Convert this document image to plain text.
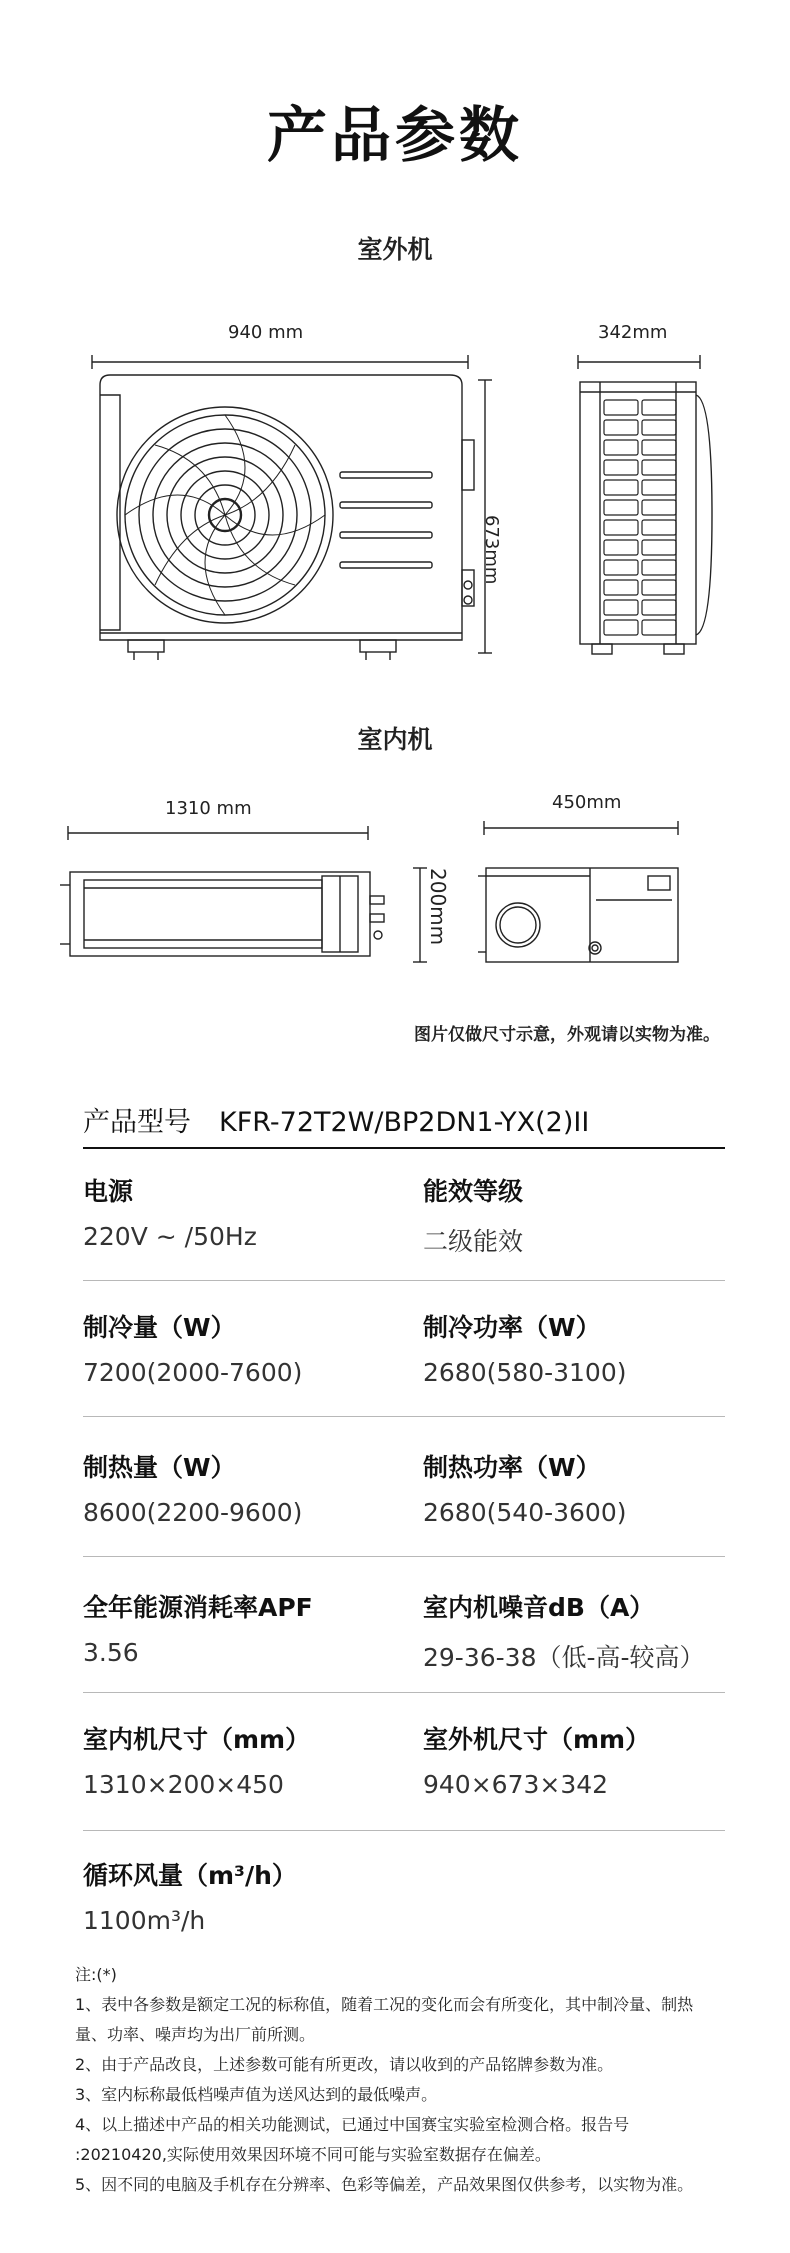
产品参数
室外机
940 mm	342mm
673mm
室内机
1310 mm	450mm
200mm
图片仅做尺寸示意，外观请以实物为准。
产品型号 KFR-72T2W/BP2DN1-YX(2)II
电源
220V ~ /50Hz
能效等级
二级能效
制冷量（W）
7200(2000-7600)
制冷功率（W）
2680(580-3100)
制热量（W）
8600(2200-9600)
制热功率（W）
2680(540-3600)
全年能源消耗率APF
3.56
室内机噪音dB（A）
29-36-38（低-高-较高）
室内机尺寸（mm）
1310×200×450
室外机尺寸（mm）
940×673×342
循环风量（m³/h）
1100m³/h
注:(*)
1、表中各参数是额定工况的标称值，随着工况的变化而会有所变化，其中制冷量、制热
量、功率、噪声均为出厂前所测。
2、由于产品改良，上述参数可能有所更改，请以收到的产品铭牌参数为准。
3、室内标称最低档噪声值为送风达到的最低噪声。
4、以上描述中产品的相关功能测试，已通过中国赛宝实验室检测合格。报告号
:20210420,实际使用效果因环境不同可能与实验室数据存在偏差。
5、因不同的电脑及手机存在分辨率、色彩等偏差，产品效果图仅供参考，以实物为准。
